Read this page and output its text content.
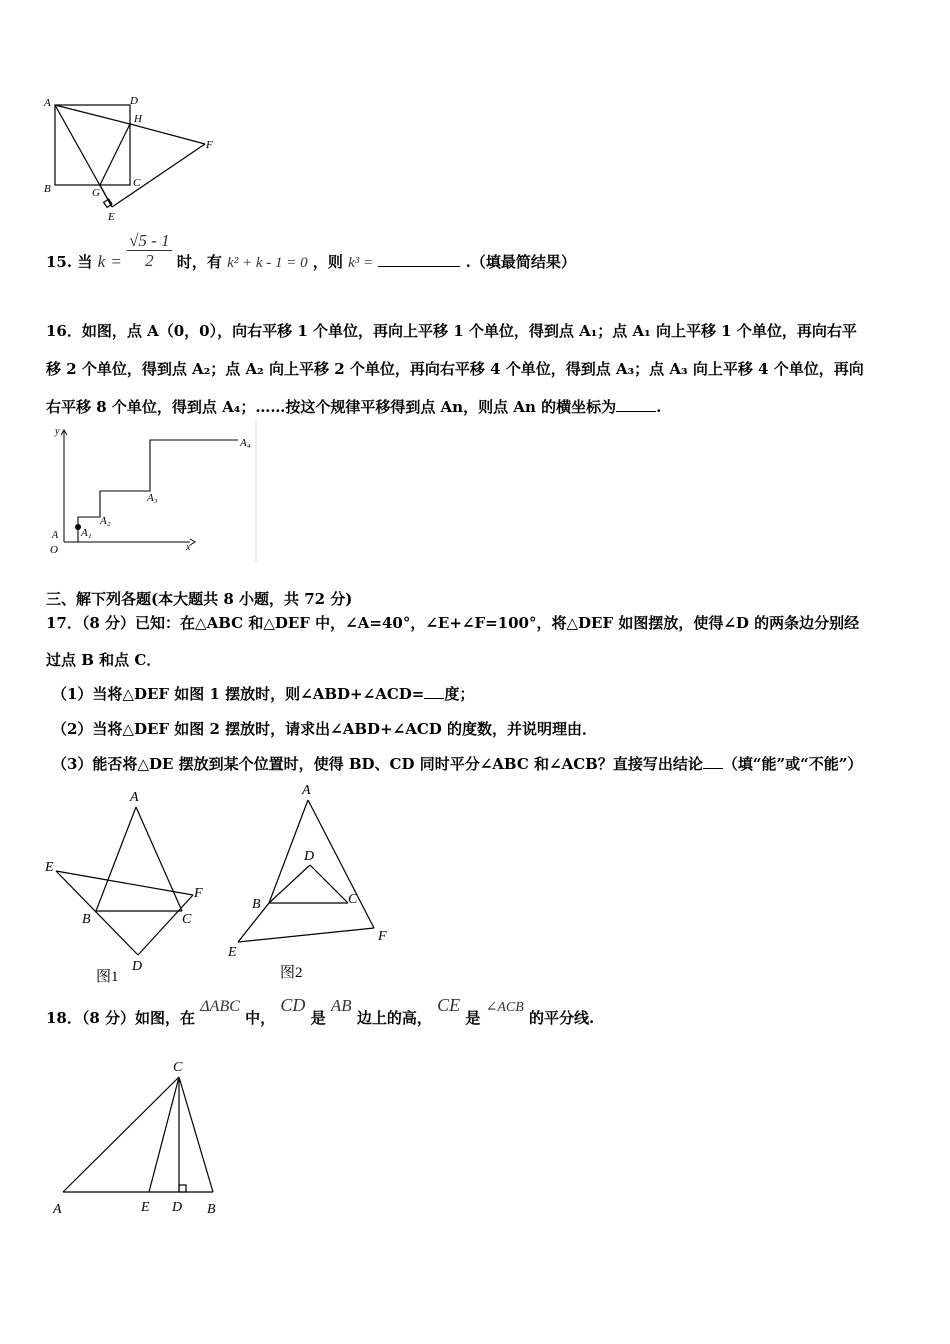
A	D
H
F
B	G
C
E
15. 当 $k = \frac{√5 - 1}{2}$ 时，有 k² + k - 1 = 0 ，则 k³ =	.（填最简结果）
16．如图，点 A（0，0），向右平移 1 个单位，再向上平移 1 个单位，得到点 A₁；点 A₁ 向上平移 1 个单位，再向右平
移 2 个单位，得到点 A₂；点 A₂ 向上平移 2 个单位，再向右平移 4 个单位，得到点 A₃；点 A₃ 向上平移 4 个单位，再向
右平移 8 个单位，得到点 A₄；……按这个规律平移得到点 An，则点 An 的横坐标为	.
y
A₄
A₃
A₂
A₁
A
O	x
三、解下列各题(本大题共 8 小题，共 72 分)
17．（8 分）已知：在△ABC 和△DEF 中，∠A=40°，∠E+∠F=100°，将△DEF 如图摆放，使得∠D 的两条边分别经
过点 B 和点 C．
（1）当将△DEF 如图 1 摆放时，则∠ABD+∠ACD= 度；
（2）当将△DEF 如图 2 摆放时，请求出∠ABD+∠ACD 的度数，并说明理由．
（3）能否将△DE 摆放到某个位置时，使得 BD、CD 同时平分∠ABC 和∠ACB？直接写出结论 （填“能”或“不能”）
A
E
F
B	C
D
图1
A
D
B	C
E
F
图2
18．（8 分）如图，在 ΔABC 中， CD 是 AB 边上的高， CE 是 ∠ACB 的平分线.
C
A	E D B
